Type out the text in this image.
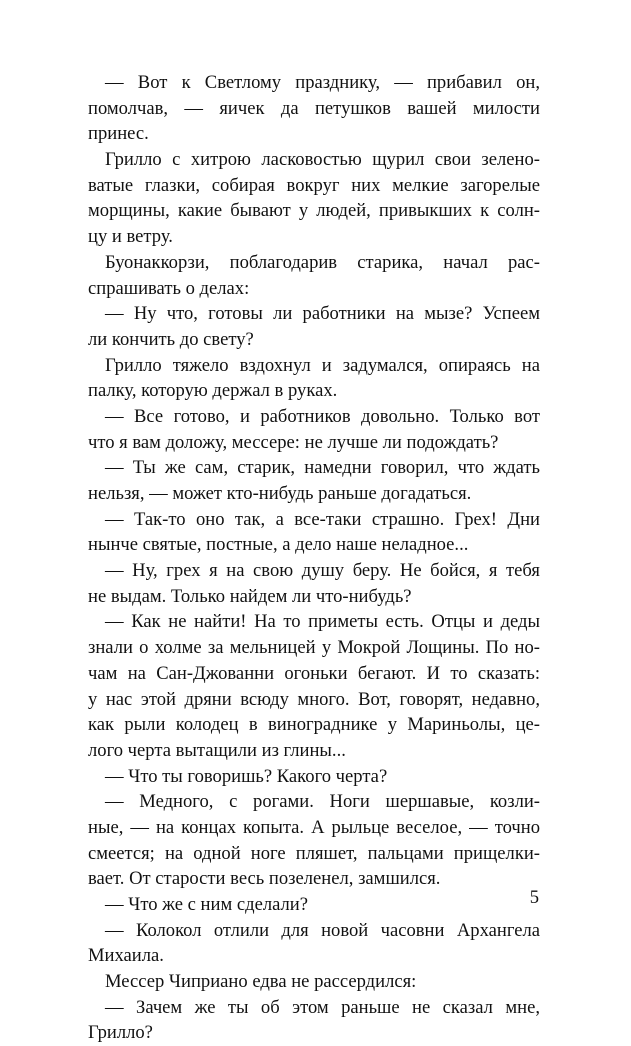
— Вот к Светлому празднику, — прибавил он,
помолчав, — яичек да петушков вашей милости
принес.
Грилло с хитрою ласковостью щурил свои зелено-
ватые глазки, собирая вокруг них мелкие загорелые
морщины, какие бывают у людей, привыкших к солн-
цу и ветру.
Буонаккорзи, поблагодарив старика, начал рас-
спрашивать о делах:
— Ну что, готовы ли работники на мызе? Успеем
ли кончить до свету?
Грилло тяжело вздохнул и задумался, опираясь на
палку, которую держал в руках.
— Все готово, и работников довольно. Только вот
что я вам доложу, мессере: не лучше ли подождать?
— Ты же сам, старик, намедни говорил, что ждать
нельзя, — может кто-нибудь раньше догадаться.
— Так-то оно так, а все-таки страшно. Грех! Дни
нынче святые, постные, а дело наше неладное...
— Ну, грех я на свою душу беру. Не бойся, я тебя
не выдам. Только найдем ли что-нибудь?
— Как не найти! На то приметы есть. Отцы и деды
знали о холме за мельницей у Мокрой Лощины. По но-
чам на Сан-Джованни огоньки бегают. И то сказать:
у нас этой дряни всюду много. Вот, говорят, недавно,
как рыли колодец в винограднике у Мариньолы, це-
лого черта вытащили из глины...
— Что ты говоришь? Какого черта?
— Медного, с рогами. Ноги шершавые, козли-
ные, — на концах копыта. А рыльце веселое, — точно
смеется; на одной ноге пляшет, пальцами прищелки-
вает. От старости весь позеленел, замшился.
— Что же с ним сделали?
— Колокол отлили для новой часовни Архангела
Михаила.
Мессер Чиприано едва не рассердился:
— Зачем же ты об этом раньше не сказал мне,
Грилло?
5
